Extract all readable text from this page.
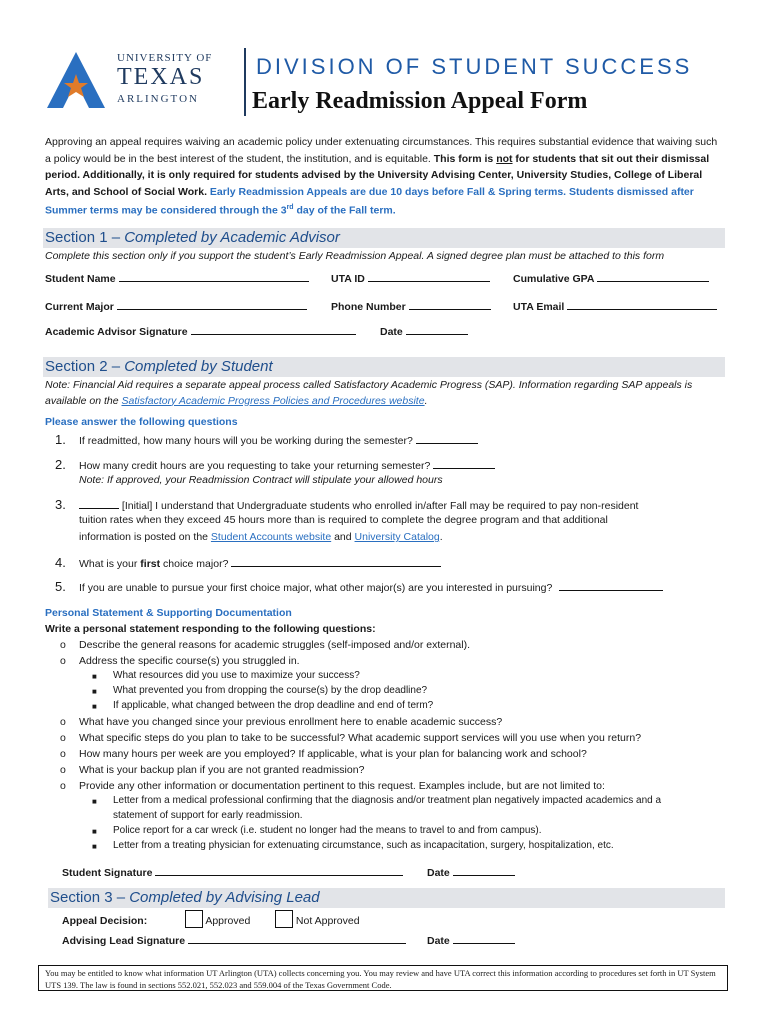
UNIVERSITY OF
TEXAS
ARLINGTON
DIVISION OF STUDENT SUCCESS
Early Readmission Appeal Form
Approving an appeal requires waiving an academic policy under extenuating circumstances. This requires substantial evidence that waiving such a policy would be in the best interest of the student, the institution, and is equitable. This form is not for students that sit out their dismissal period. Additionally, it is only required for students advised by the University Advising Center, University Studies, College of Liberal Arts, and School of Social Work. Early Readmission Appeals are due 10 days before Fall & Spring terms. Students dismissed after Summer terms may be considered through the 3rd day of the Fall term.
Section 1 – Completed by Academic Advisor
Complete this section only if you support the student’s Early Readmission Appeal. A signed degree plan must be attached to this form
Student Name	UTA ID	Cumulative GPA
Current Major	Phone Number	UTA Email
Academic Advisor Signature	Date
Section 2 – Completed by Student
Note: Financial Aid requires a separate appeal process called Satisfactory Academic Progress (SAP). Information regarding SAP appeals is available on the Satisfactory Academic Progress Policies and Procedures website.
Please answer the following questions
1. If readmitted, how many hours will you be working during the semester?
2. How many credit hours are you requesting to take your returning semester?
Note: If approved, your Readmission Contract will stipulate your allowed hours
3.	[Initial] I understand that Undergraduate students who enrolled in/after Fall may be required to pay non-resident
tuition rates when they exceed 45 hours more than is required to complete the degree program and that additional
information is posted on the Student Accounts website and University Catalog.
4. What is your first choice major?
5. If you are unable to pursue your first choice major, what other major(s) are you interested in pursuing?
Personal Statement & Supporting Documentation
Write a personal statement responding to the following questions:
o Describe the general reasons for academic struggles (self-imposed and/or external).
o Address the specific course(s) you struggled in.
■ What resources did you use to maximize your success?
■ What prevented you from dropping the course(s) by the drop deadline?
■ If applicable, what changed between the drop deadline and end of term?
o What have you changed since your previous enrollment here to enable academic success?
o What specific steps do you plan to take to be successful? What academic support services will you use when you return?
o How many hours per week are you employed? If applicable, what is your plan for balancing work and school?
o What is your backup plan if you are not granted readmission?
o Provide any other information or documentation pertinent to this request. Examples include, but are not limited to:
■ Letter from a medical professional confirming that the diagnosis and/or treatment plan negatively impacted academics and a
statement of support for early readmission.
■ Police report for a car wreck (i.e. student no longer had the means to travel to and from campus).
■ Letter from a treating physician for extenuating circumstance, such as incapacitation, surgery, hospitalization, etc.
Student Signature	Date
Section 3 – Completed by Advising Lead
Appeal Decision:	Approved	Not Approved
Advising Lead Signature	Date
You may be entitled to know what information UT Arlington (UTA) collects concerning you. You may review and have UTA correct this information according to procedures set forth in UT System UTS 139. The law is found in sections 552.021, 552.023 and 559.004 of the Texas Government Code.
